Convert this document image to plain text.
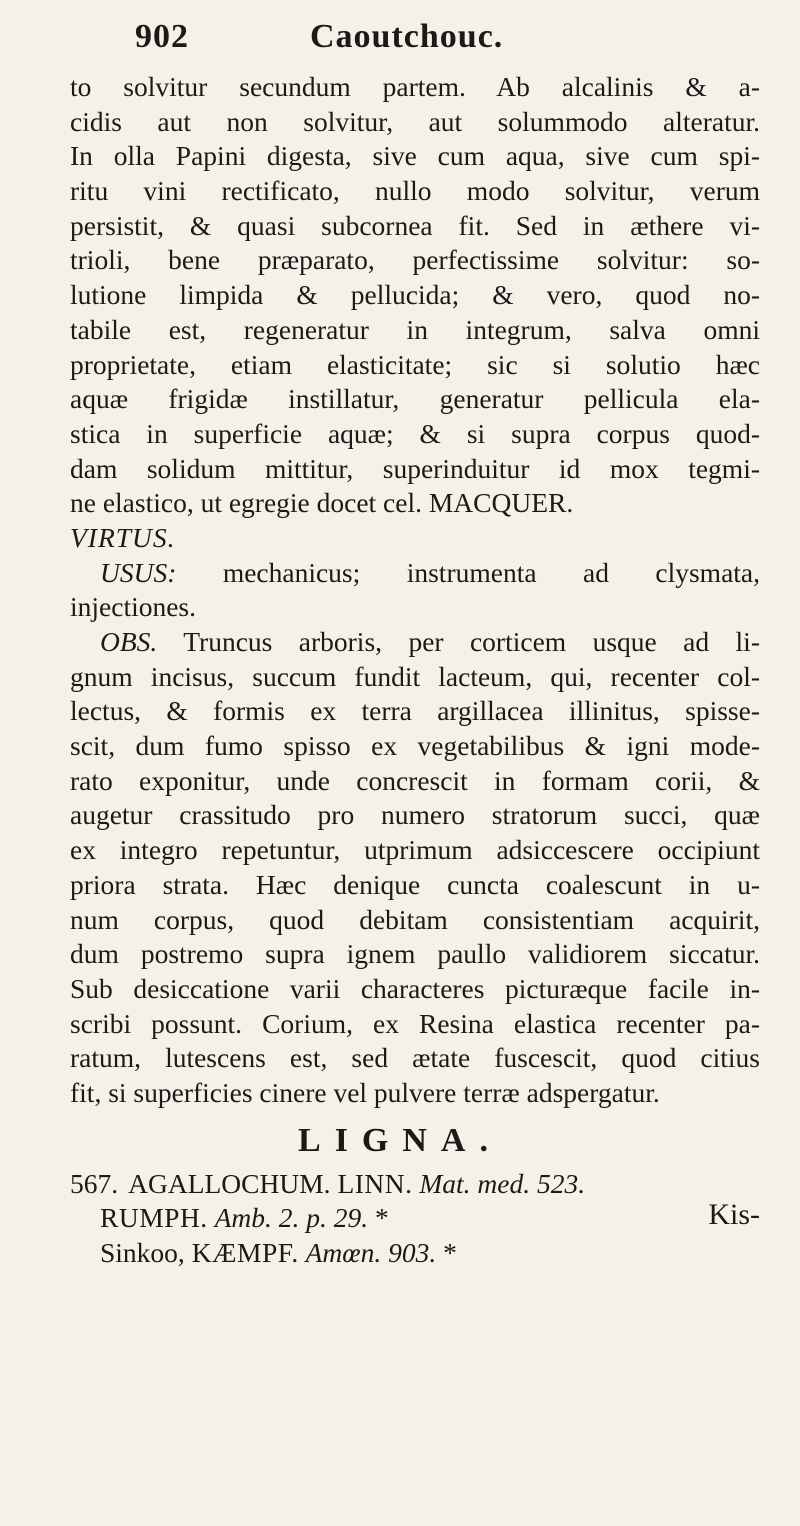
902	Caoutchouc.
to solvitur secundum partem. Ab alcalinis & a-
cidis aut non solvitur, aut solummodo alteratur.
In olla Papini digesta, sive cum aqua, sive cum spi-
ritu vini rectificato, nullo modo solvitur, verum
persistit, & quasi subcornea fit. Sed in æthere vi-
trioli, bene præparato, perfectissime solvitur: so-
lutione limpida & pellucida; & vero, quod no-
tabile est, regeneratur in integrum, salva omni
proprietate, etiam elasticitate; sic si solutio hæc
aquæ frigidæ instillatur, generatur pellicula ela-
stica in superficie aquæ; & si supra corpus quod-
dam solidum mittitur, superinduitur id mox tegmi-
ne elastico, ut egregie docet cel. MACQUER.
VIRTUS.
USUS: mechanicus; instrumenta ad clysmata,
injectiones.
OBS. Truncus arboris, per corticem usque ad li-
gnum incisus, succum fundit lacteum, qui, recenter col-
lectus, & formis ex terra argillacea illinitus, spisse-
scit, dum fumo spisso ex vegetabilibus & igni mode-
rato exponitur, unde concrescit in formam corii, &
augetur crassitudo pro numero stratorum succi, quæ
ex integro repetuntur, utprimum adsiccescere occipiunt
priora strata. Hæc denique cuncta coalescunt in u-
num corpus, quod debitam consistentiam acquirit,
dum postremo supra ignem paullo validiorem siccatur.
Sub desiccatione varii characteres picturæque facile in-
scribi possunt. Corium, ex Resina elastica recenter pa-
ratum, lutescens est, sed ætate fuscescit, quod citius
fit, si superficies cinere vel pulvere terræ adspergatur.
LIGNA.
567. AGALLOCHUM. LINN. Mat. med. 523.
RUMPH. Amb. 2. p. 29. *
Sinkoo, KÆMPF. Amœn. 903. *
Kis-
